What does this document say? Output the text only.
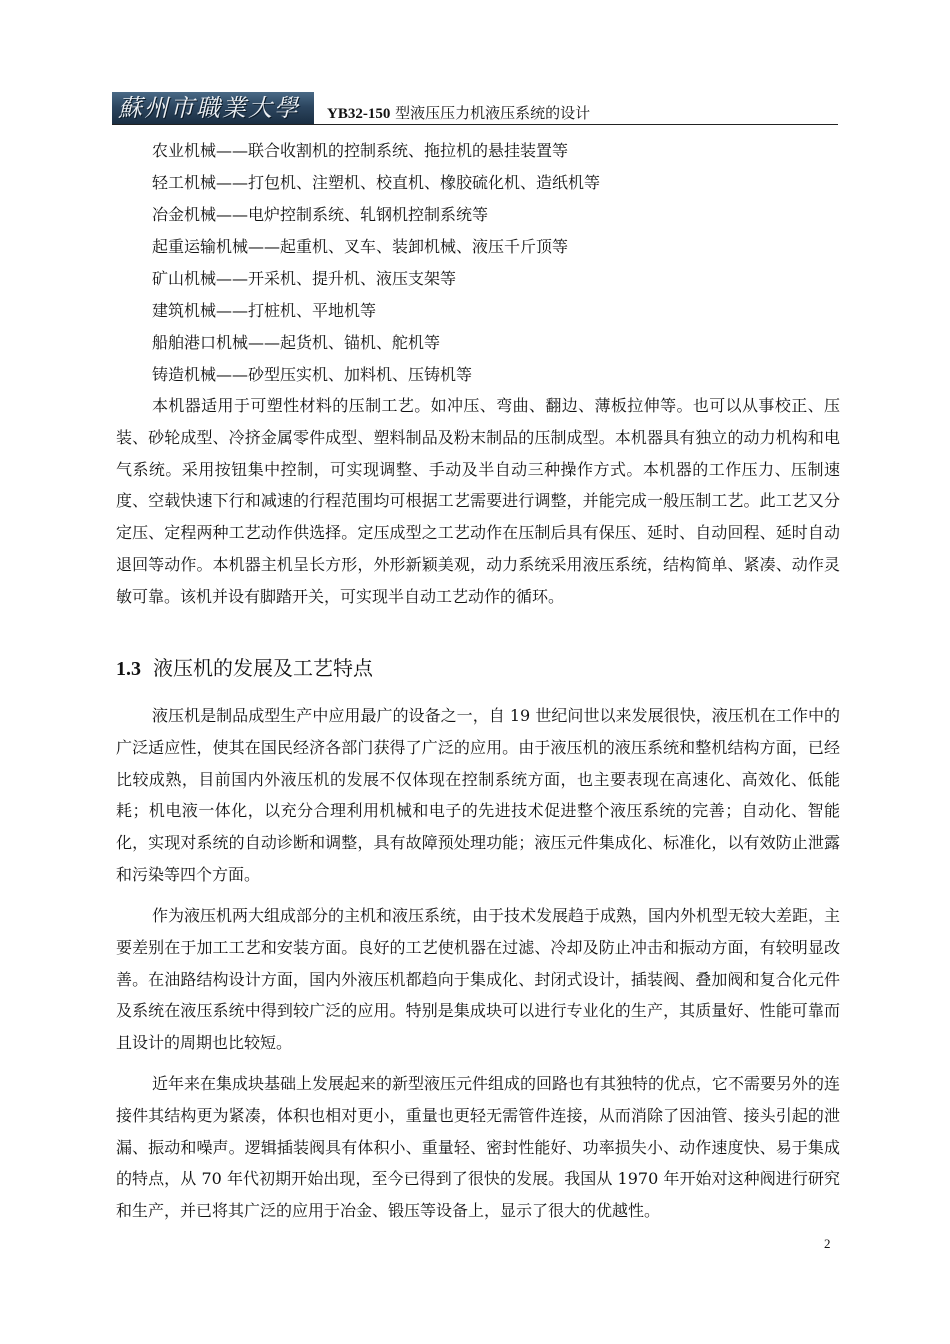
蘇州市職業大學 YB32-150 型液压压力机液压系统的设计
农业机械——联合收割机的控制系统、拖拉机的悬挂装置等
轻工机械——打包机、注塑机、校直机、橡胶硫化机、造纸机等
冶金机械——电炉控制系统、轧钢机控制系统等
起重运输机械——起重机、叉车、装卸机械、液压千斤顶等
矿山机械——开采机、提升机、液压支架等
建筑机械——打桩机、平地机等
船舶港口机械——起货机、锚机、舵机等
铸造机械——砂型压实机、加料机、压铸机等

本机器适用于可塑性材料的压制工艺。如冲压、弯曲、翻边、薄板拉伸等。也可以从事校正、压装、砂轮成型、冷挤金属零件成型、塑料制品及粉末制品的压制成型。本机器具有独立的动力机构和电气系统。采用按钮集中控制，可实现调整、手动及半自动三种操作方式。本机器的工作压力、压制速度、空载快速下行和减速的行程范围均可根据工艺需要进行调整，并能完成一般压制工艺。此工艺又分定压、定程两种工艺动作供选择。定压成型之工艺动作在压制后具有保压、延时、自动回程、延时自动退回等动作。本机器主机呈长方形，外形新颖美观，动力系统采用液压系统，结构简单、紧凑、动作灵敏可靠。该机并设有脚踏开关，可实现半自动工艺动作的循环。

1.3 液压机的发展及工艺特点

液压机是制品成型生产中应用最广的设备之一，自 19 世纪问世以来发展很快，液压机在工作中的广泛适应性，使其在国民经济各部门获得了广泛的应用。由于液压机的液压系统和整机结构方面，已经比较成熟，目前国内外液压机的发展不仅体现在控制系统方面，也主要表现在高速化、高效化、低能耗；机电液一体化，以充分合理利用机械和电子的先进技术促进整个液压系统的完善；自动化、智能化，实现对系统的自动诊断和调整，具有故障预处理功能；液压元件集成化、标准化，以有效防止泄露和污染等四个方面。

作为液压机两大组成部分的主机和液压系统，由于技术发展趋于成熟，国内外机型无较大差距，主要差别在于加工工艺和安装方面。良好的工艺使机器在过滤、冷却及防止冲击和振动方面，有较明显改善。在油路结构设计方面，国内外液压机都趋向于集成化、封闭式设计，插装阀、叠加阀和复合化元件及系统在液压系统中得到较广泛的应用。特别是集成块可以进行专业化的生产，其质量好、性能可靠而且设计的周期也比较短。

近年来在集成块基础上发展起来的新型液压元件组成的回路也有其独特的优点，它不需要另外的连接件其结构更为紧凑，体积也相对更小，重量也更轻无需管件连接，从而消除了因油管、接头引起的泄漏、振动和噪声。逻辑插装阀具有体积小、重量轻、密封性能好、功率损失小、动作速度快、易于集成的特点，从 70 年代初期开始出现，至今已得到了很快的发展。我国从 1970 年开始对这种阀进行研究和生产，并已将其广泛的应用于冶金、锻压等设备上，显示了很大的优越性。

2
